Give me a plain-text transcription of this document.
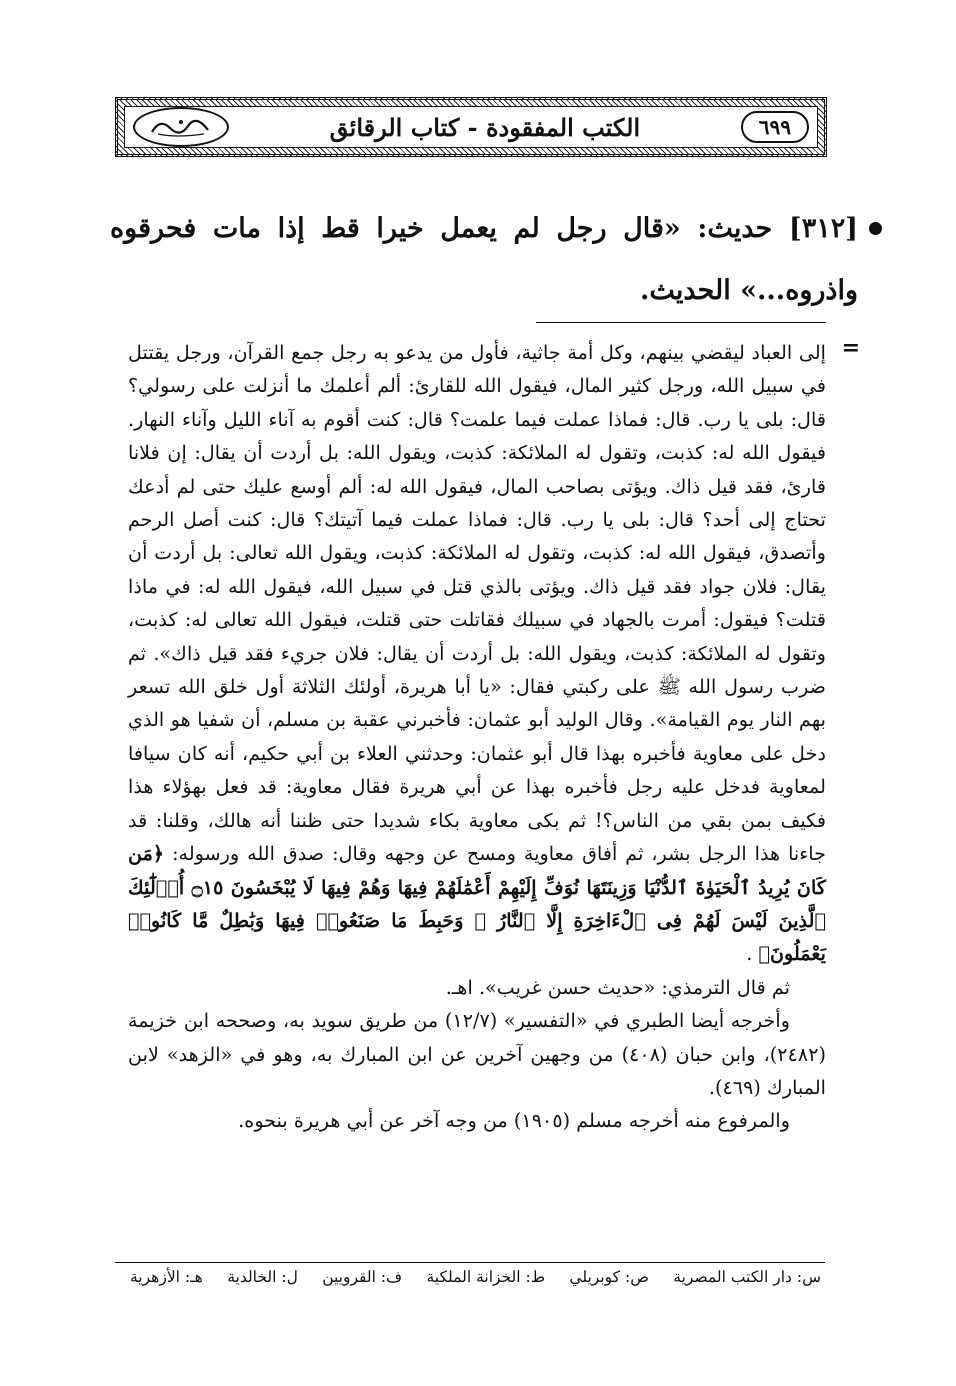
٦٩٩
الكتب المفقودة - كتاب الرقائق
[٣١٢] حديث: «قال رجل لم يعمل خيرا قط إذا مات فحرقوه واذروه...» الحديث.
=

إلى العباد ليقضي بينهم، وكل أمة جاثية، فأول من يدعو به رجل جمع القرآن، ورجل يقتتل في سبيل الله، ورجل كثير المال، فيقول الله للقارئ: ألم أعلمك ما أنزلت على رسولي؟ قال: بلى يا رب. قال: فماذا عملت فيما علمت؟ قال: كنت أقوم به آناء الليل وآناء النهار. فيقول الله له: كذبت، وتقول له الملائكة: كذبت، ويقول الله: بل أردت أن يقال: إن فلانا قارئ، فقد قيل ذاك. ويؤتى بصاحب المال، فيقول الله له: ألم أوسع عليك حتى لم أدعك تحتاج إلى أحد؟ قال: بلى يا رب. قال: فماذا عملت فيما آتيتك؟ قال: كنت أصل الرحم وأتصدق، فيقول الله له: كذبت، وتقول له الملائكة: كذبت، ويقول الله تعالى: بل أردت أن يقال: فلان جواد فقد قيل ذاك. ويؤتى بالذي قتل في سبيل الله، فيقول الله له: في ماذا قتلت؟ فيقول: أمرت بالجهاد في سبيلك فقاتلت حتى قتلت، فيقول الله تعالى له: كذبت، وتقول له الملائكة: كذبت، ويقول الله: بل أردت أن يقال: فلان جريء فقد قيل ذاك». ثم ضرب رسول الله ﷺ على ركبتي فقال: «يا أبا هريرة، أولئك الثلاثة أول خلق الله تسعر بهم النار يوم القيامة». وقال الوليد أبو عثمان: فأخبرني عقبة بن مسلم، أن شفيا هو الذي دخل على معاوية فأخبره بهذا قال أبو عثمان: وحدثني العلاء بن أبي حكيم، أنه كان سيافا لمعاوية فدخل عليه رجل فأخبره بهذا عن أبي هريرة فقال معاوية: قد فعل بهؤلاء هذا فكيف بمن بقي من الناس؟! ثم بكى معاوية بكاء شديدا حتى ظننا أنه هالك، وقلنا: قد جاءنا هذا الرجل بشر، ثم أفاق معاوية ومسح عن وجهه وقال: صدق الله ورسوله: ﴿مَن كَانَ يُرِيدُ ٱلْحَيَوٰةَ ٱلدُّنْيَا وَزِينَتَهَا نُوَفِّ إِلَيْهِمْ أَعْمَٰلَهُمْ فِيهَا وَهُمْ فِيهَا لَا يُبْخَسُونَ ۝١٥ أُو۟لَٰٓئِكَ ٱلَّذِينَ لَيْسَ لَهُمْ فِى ٱلْءَاخِرَةِ إِلَّا ٱلنَّارُ ۖ وَحَبِطَ مَا صَنَعُوا۟ فِيهَا وَبَٰطِلٌ مَّا كَانُوا۟ يَعْمَلُونَ﴾ .

ثم قال الترمذي: «حديث حسن غريب». اهـ.

وأخرجه أيضا الطبري في «التفسير» (١٢/٧) من طريق سويد به، وصححه ابن خزيمة (٢٤٨٢)، وابن حبان (٤٠٨) من وجهين آخرين عن ابن المبارك به، وهو في «الزهد» لابن المبارك (٤٦٩).

والمرفوع منه أخرجه مسلم (١٩٠٥) من وجه آخر عن أبي هريرة بنحوه.

س: دار الكتب المصرية
ص: كوبريلي
ط: الخزانة الملكية
ف: القرويين
ل: الخالدية
هـ: الأزهرية
